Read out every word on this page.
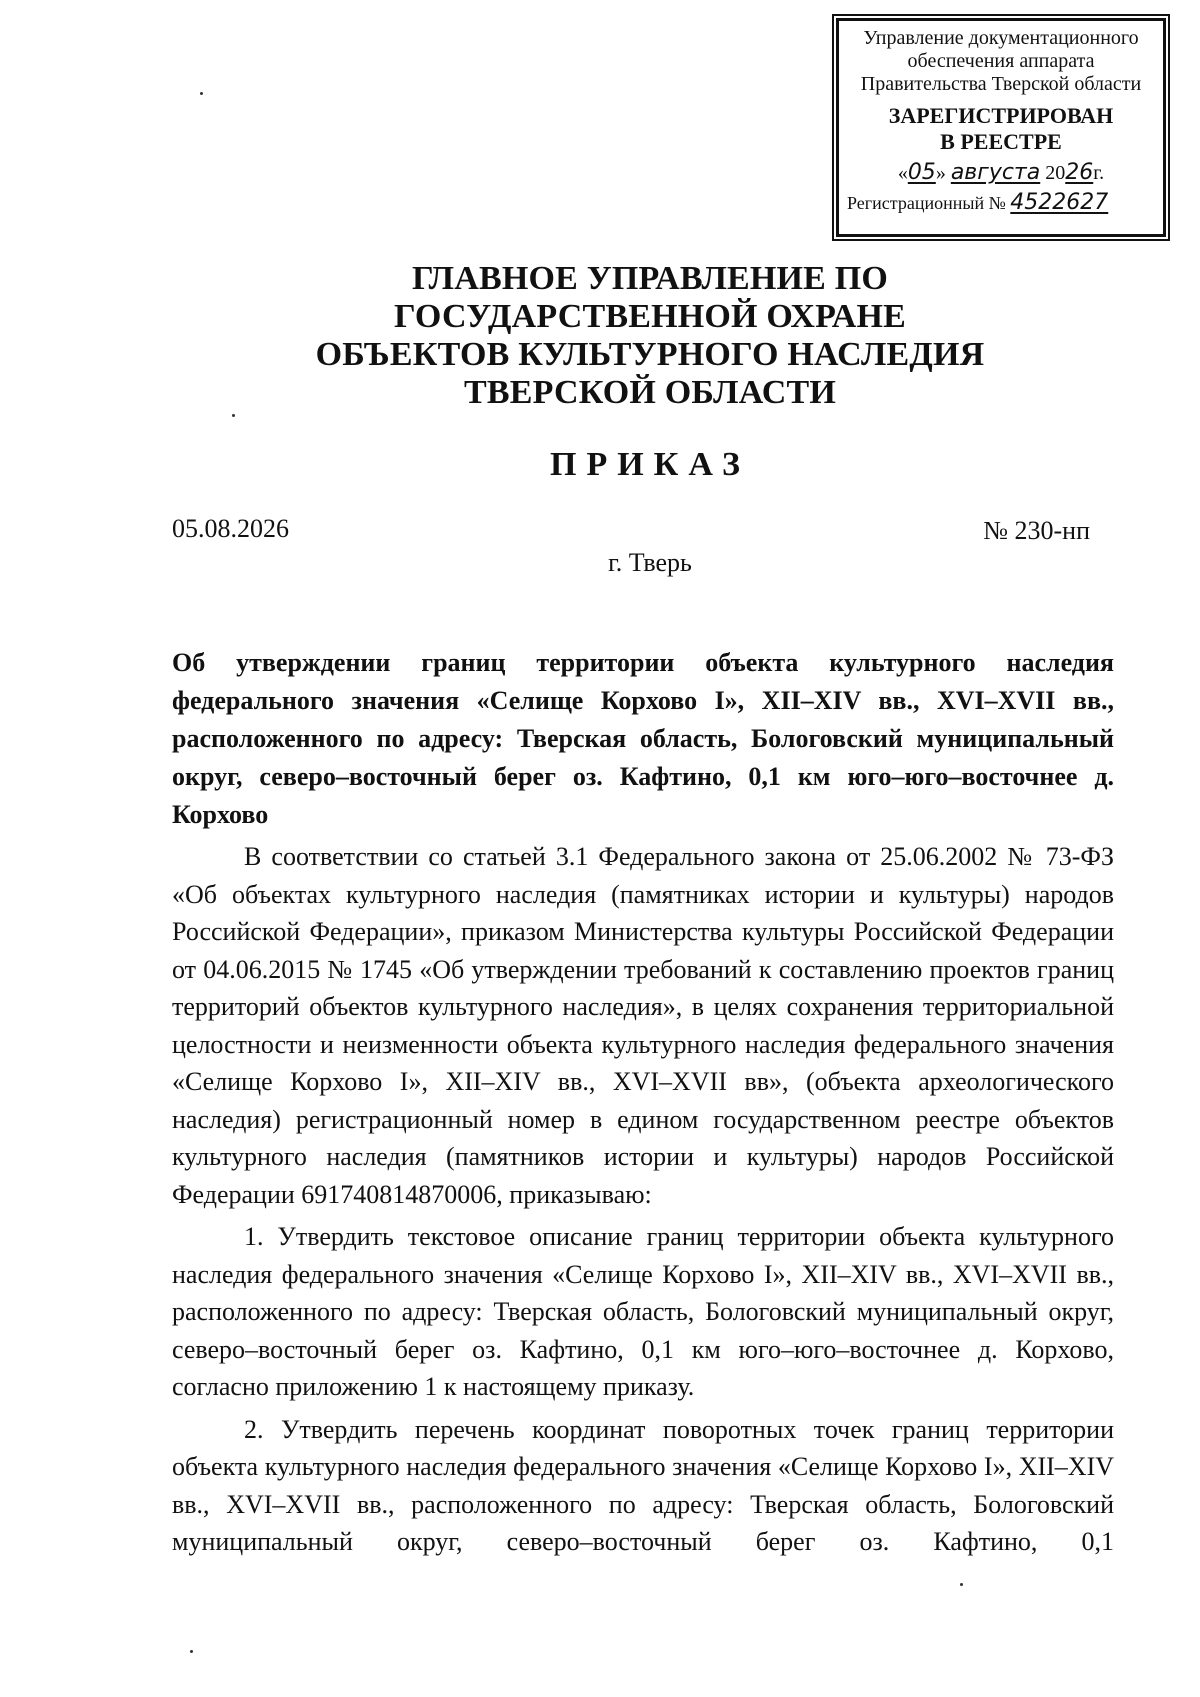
Управление документационного
обеспечения аппарата
Правительства Тверской области
ЗАРЕГИСТРИРОВАН
В РЕЕСТРЕ
«05» августа 2026г.
Регистрационный № 4522627
ГЛАВНОЕ УПРАВЛЕНИЕ ПО
ГОСУДАРСТВЕННОЙ ОХРАНЕ
ОБЪЕКТОВ КУЛЬТУРНОГО НАСЛЕДИЯ
ТВЕРСКОЙ ОБЛАСТИ
ПРИКАЗ
05.08.2026	№ 230-нп
г. Тверь
Об утверждении границ территории объекта культурного наследия федерального значения «Селище Корхово I», XII–XIV вв., XVI–XVII вв., расположенного по адресу: Тверская область, Бологовский муниципальный округ, северо–восточный берег оз. Кафтино, 0,1 км юго–юго–восточнее д. Корхово

В соответствии со статьей 3.1 Федерального закона от 25.06.2002 № 73-ФЗ «Об объектах культурного наследия (памятниках истории и культуры) народов Российской Федерации», приказом Министерства культуры Российской Федерации от 04.06.2015 № 1745 «Об утверждении требований к составлению проектов границ территорий объектов культурного наследия», в целях сохранения территориальной целостности и неизменности объекта культурного наследия федерального значения «Селище Корхово I», XII–XIV вв., XVI–XVII вв», (объекта археологического наследия) регистрационный номер в едином государственном реестре объектов культурного наследия (памятников истории и культуры) народов Российской Федерации 691740814870006, приказываю:

1. Утвердить текстовое описание границ территории объекта культурного наследия федерального значения «Селище Корхово I», XII–XIV вв., XVI–XVII вв., расположенного по адресу: Тверская область, Бологовский муниципальный округ, северо–восточный берег оз. Кафтино, 0,1 км юго–юго–восточнее д. Корхово, согласно приложению 1 к настоящему приказу.

2. Утвердить перечень координат поворотных точек границ территории объекта культурного наследия федерального значения «Селище Корхово I», XII–XIV вв., XVI–XVII вв., расположенного по адресу: Тверская область, Бологовский муниципальный округ, северо–восточный берег оз. Кафтино, 0,1
